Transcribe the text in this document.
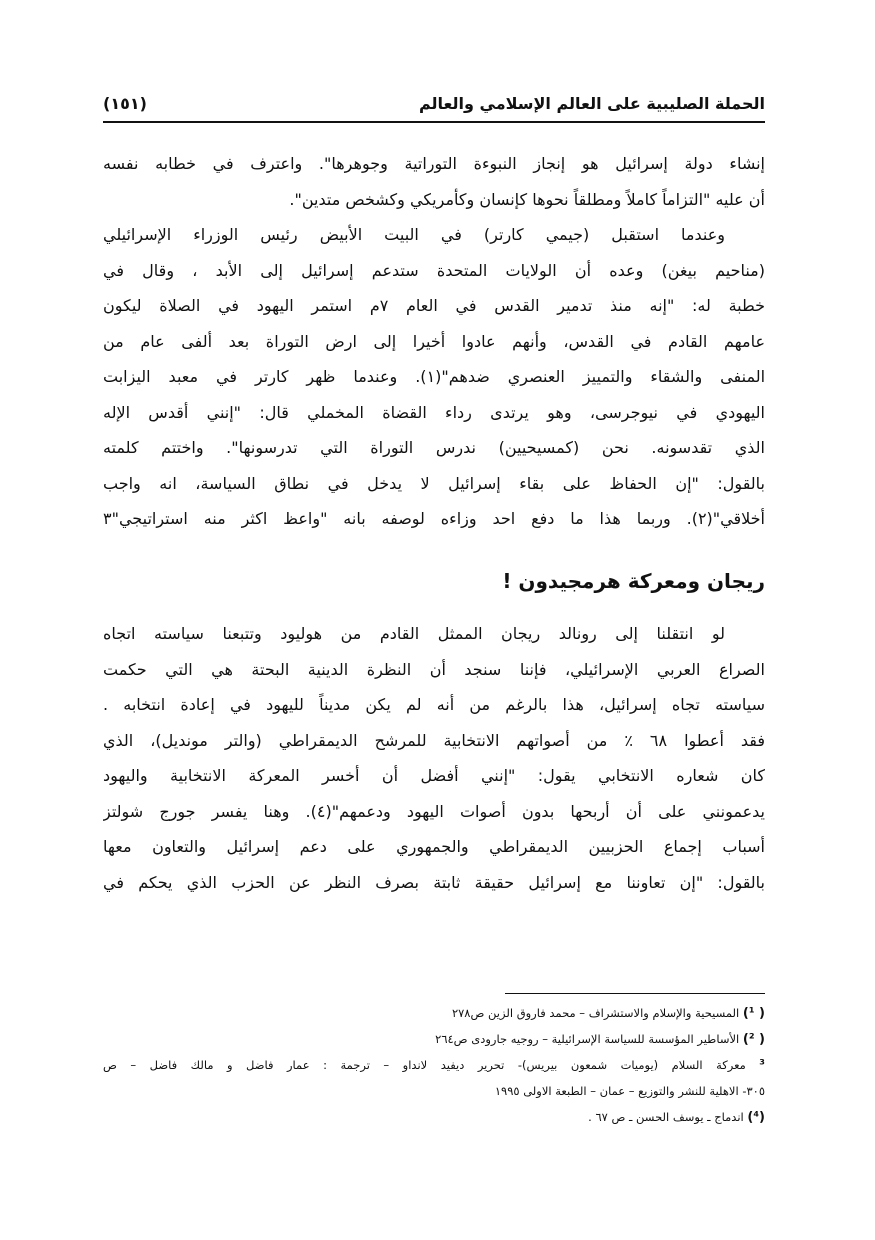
الحملة الصليبية على العالم الإسلامي والعالم
(١٥١)
إنشاء دولة إسرائيل هو إنجاز النبوءة التوراتية وجوهرها". واعترف في خطابه نفسه
أن عليه "التزاماً كاملاً ومطلقاً نحوها كإنسان وكأمريكي وكشخص متدين".
وعندما استقبل (جيمي كارتر) في البيت الأبيض رئيس الوزراء الإسرائيلي
(مناحيم بيغن) وعده أن الولايات المتحدة ستدعم إسرائيل إلى الأبد ، وقال في
خطبة له: "إنه منذ تدمير القدس في العام ٧م استمر اليهود في الصلاة ليكون
عامهم القادم في القدس، وأنهم عادوا أخيرا إلى ارض التوراة بعد ألفى عام من
المنفى والشقاء والتمييز العنصري ضدهم"(١). وعندما ظهر كارتر في معبد اليزابت
اليهودي في نيوجرسى، وهو يرتدى رداء القضاة المخملي قال: "إنني أقدس الإله
الذي تقدسونه. نحن (كمسيحيين) ندرس التوراة التي تدرسونها". واختتم كلمته
بالقول: "إن الحفاظ على بقاء إسرائيل لا يدخل في نطاق السياسة، انه واجب
أخلاقي"(٢). وربما هذا ما دفع احد وزاءه لوصفه بانه "واعظ اكثر منه استراتيجي"٣
ريجان ومعركة هرمجيدون !
لو انتقلنا إلى رونالد ريجان الممثل القادم من هوليود وتتبعنا سياسته اتجاه
الصراع العربي الإسرائيلي، فإننا سنجد أن النظرة الدينية البحتة هي التي حكمت
سياسته تجاه إسرائيل، هذا بالرغم من أنه لم يكن مديناً لليهود في إعادة انتخابه .
فقد أعطوا ٦٨ ٪ من أصواتهم الانتخابية للمرشح الديمقراطي (والتر مونديل)، الذي
كان شعاره الانتخابي يقول: "إنني أفضل أن أخسر المعركة الانتخابية واليهود
يدعمونني على أن أربحها بدون أصوات اليهود ودعمهم"(٤). وهنا يفسر جورج شولتز
أسباب إجماع الحزبيين الديمقراطي والجمهوري على دعم إسرائيل والتعاون معها
بالقول: "إن تعاوننا مع إسرائيل حقيقة ثابتة بصرف النظر عن الحزب الذي يحكم في
( ¹) المسيحية والإسلام والاستشراف – محمد فاروق الزين ص٢٧٨
( ²) الأساطير المؤسسة للسياسة الإسرائيلية – روجيه جارودى ص٢٦٤
³ معركة السلام (يوميات شمعون بيريس)- تحرير ديفيد لانداو – ترجمة : عمار فاضل و مالك فاضل – ص
٣٠٥- الاهلية للنشر والتوزيع – عمان – الطبعة الاولى ١٩٩٥
(⁴) اندماج ـ يوسف الحسن ـ ص ٦٧ .
